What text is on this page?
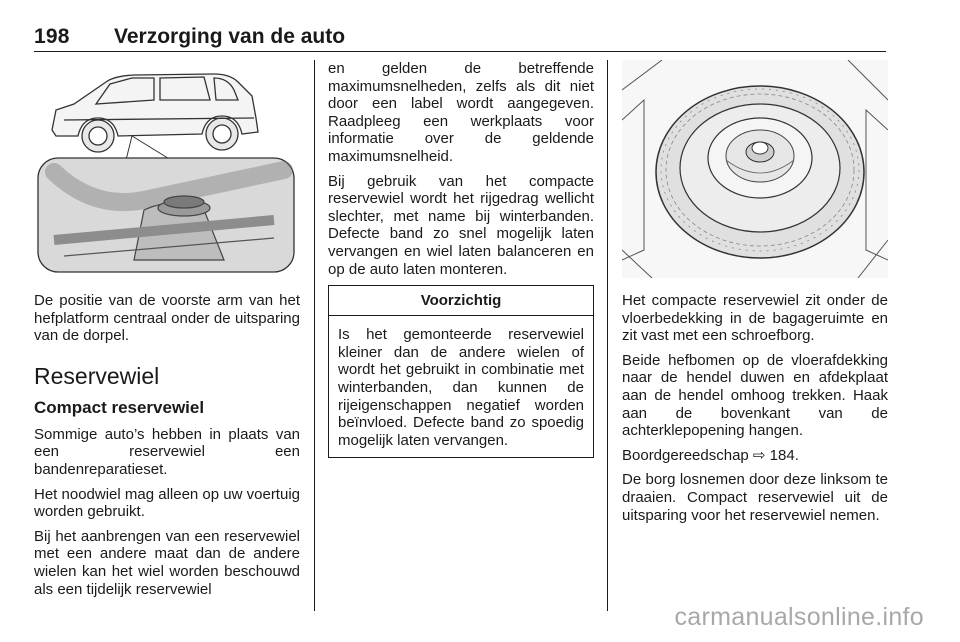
198 Verzorging van de auto

De positie van de voorste arm van het hefplatform centraal onder de uitsparing van de dorpel.

Reservewiel
Compact reservewiel

Sommige auto’s hebben in plaats van een reservewiel een bandenreparatieset.

Het noodwiel mag alleen op uw voertuig worden gebruikt.

Bij het aanbrengen van een reservewiel met een andere maat dan de andere wielen kan het wiel worden beschouwd als een tijdelijk reservewiel

en gelden de betreffende maximumsnelheden, zelfs als dit niet door een label wordt aangegeven. Raadpleeg een werkplaats voor informatie over de geldende maximumsnelheid.

Bij gebruik van het compacte reservewiel wordt het rijgedrag wellicht slechter, met name bij winterbanden. Defecte band zo snel mogelijk laten vervangen en wiel laten balanceren en op de auto laten monteren.

Voorzichtig

Is het gemonteerde reservewiel kleiner dan de andere wielen of wordt het gebruikt in combinatie met winterbanden, dan kunnen de rijeigenschappen negatief worden beïnvloed. Defecte band zo spoedig mogelijk laten vervangen.

Het compacte reservewiel zit onder de vloerbedekking in de bagageruimte en zit vast met een schroefborg.

Beide hefbomen op de vloerafdekking naar de hendel duwen en afdekplaat aan de hendel omhoog trekken. Haak aan de bovenkant van de achterklepopening hangen.

Boordgereedschap ⇨ 184.

De borg losnemen door deze linksom te draaien. Compact reservewiel uit de uitsparing voor het reservewiel nemen.

carmanualsonline.info
